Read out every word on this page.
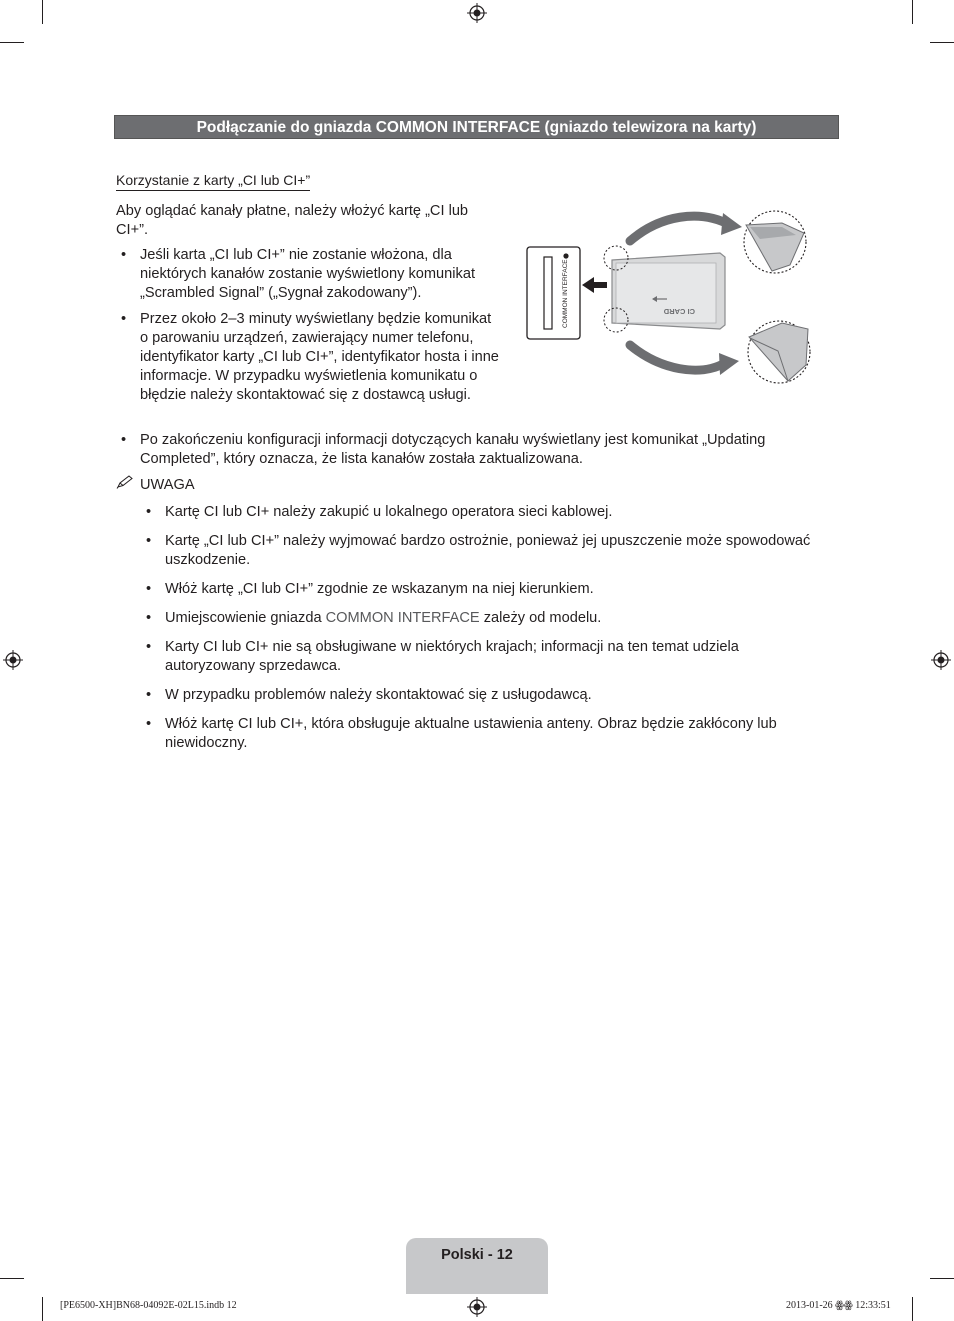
Podłączanie do gniazda COMMON INTERFACE (gniazdo telewizora na karty)
Korzystanie z karty „CI lub CI+”
Aby oglądać kanały płatne, należy włożyć kartę „CI lub CI+”.
• Jeśli karta „CI lub CI+” nie zostanie włożona, dla niektórych kanałów zostanie wyświetlony komunikat „Scrambled Signal” („Sygnał zakodowany”).
• Przez około 2–3 minuty wyświetlany będzie komunikat o parowaniu urządzeń, zawierający numer telefonu, identyfikator karty „CI lub CI+”, identyfikator hosta i inne informacje. W przypadku wyświetlenia komunikatu o błędzie należy skontaktować się z dostawcą usługi.
• Po zakończeniu konfiguracji informacji dotyczących kanału wyświetlany jest komunikat „Updating Completed”, który oznacza, że lista kanałów została zaktualizowana.
UWAGA
• Kartę CI lub CI+ należy zakupić u lokalnego operatora sieci kablowej.
• Kartę „CI lub CI+” należy wyjmować bardzo ostrożnie, ponieważ jej upuszczenie może spowodować uszkodzenie.
• Włóż kartę „CI lub CI+” zgodnie ze wskazanym na niej kierunkiem.
• Umiejscowienie gniazda COMMON INTERFACE zależy od modelu.
• Karty CI lub CI+ nie są obsługiwane w niektórych krajach; informacji na ten temat udziela autoryzowany sprzedawca.
• W przypadku problemów należy skontaktować się z usługodawcą.
• Włóż kartę CI lub CI+, która obsługuje aktualne ustawienia anteny. Obraz będzie zakłócony lub niewidoczny.
COMMON INTERFACE	CI CARD
Polski - 12
[PE6500-XH]BN68-04092E-02L15.indb 12	2013-01-26 ꙮꙮ 12:33:51
